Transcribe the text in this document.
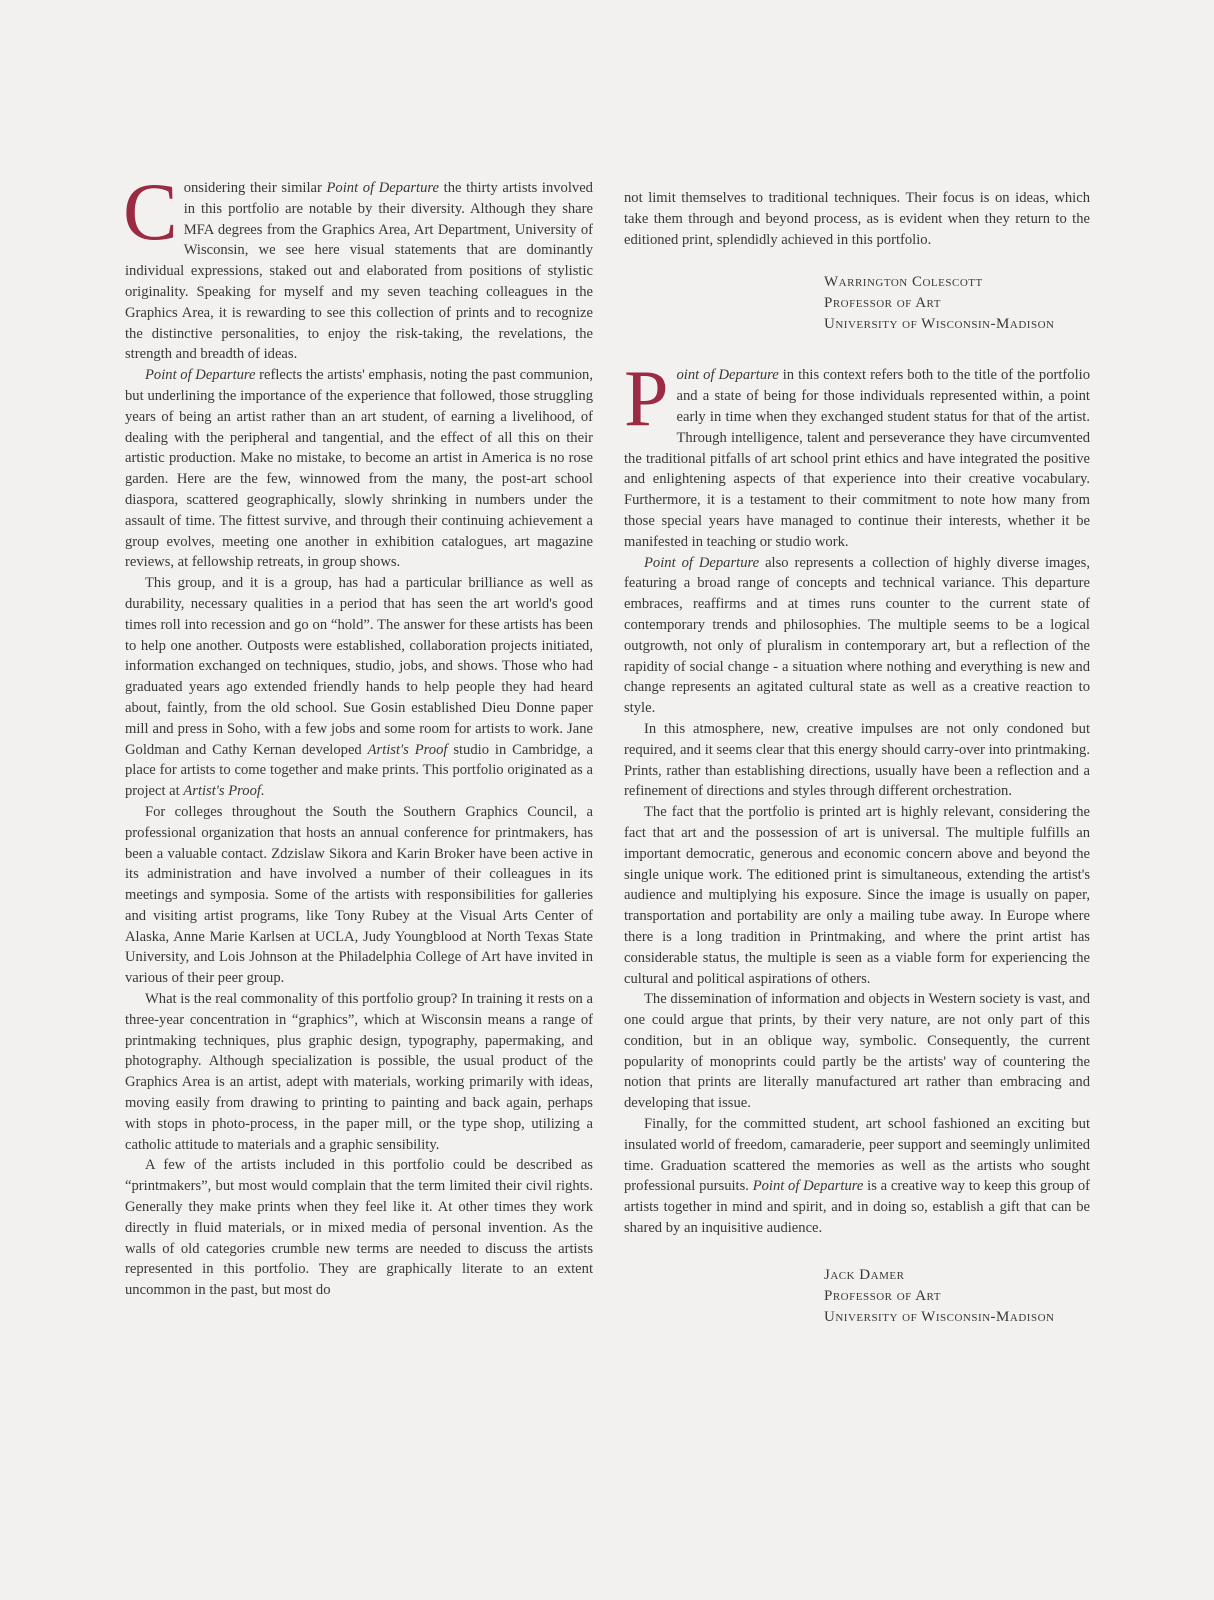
Considering their similar Point of Departure the thirty artists involved in this portfolio are notable by their diversity. Although they share MFA degrees from the Graphics Area, Art Department, University of Wisconsin, we see here visual statements that are dominantly individual expressions, staked out and elaborated from positions of stylistic originality. Speaking for myself and my seven teaching colleagues in the Graphics Area, it is rewarding to see this collection of prints and to recognize the distinctive personalities, to enjoy the risk-taking, the revelations, the strength and breadth of ideas.

Point of Departure reflects the artists' emphasis, noting the past communion, but underlining the importance of the experience that followed, those struggling years of being an artist rather than an art student, of earning a livelihood, of dealing with the peripheral and tangential, and the effect of all this on their artistic production. Make no mistake, to become an artist in America is no rose garden. Here are the few, winnowed from the many, the post-art school diaspora, scattered geographically, slowly shrinking in numbers under the assault of time. The fittest survive, and through their continuing achievement a group evolves, meeting one another in exhibition catalogues, art magazine reviews, at fellowship retreats, in group shows.

This group, and it is a group, has had a particular brilliance as well as durability, necessary qualities in a period that has seen the art world's good times roll into recession and go on “hold”. The answer for these artists has been to help one another. Outposts were established, collaboration projects initiated, information exchanged on techniques, studio, jobs, and shows. Those who had graduated years ago extended friendly hands to help people they had heard about, faintly, from the old school. Sue Gosin established Dieu Donne paper mill and press in Soho, with a few jobs and some room for artists to work. Jane Goldman and Cathy Kernan developed Artist's Proof studio in Cambridge, a place for artists to come together and make prints. This portfolio originated as a project at Artist's Proof.

For colleges throughout the South the Southern Graphics Council, a professional organization that hosts an annual conference for printmakers, has been a valuable contact. Zdzislaw Sikora and Karin Broker have been active in its administration and have involved a number of their colleagues in its meetings and symposia. Some of the artists with responsibilities for galleries and visiting artist programs, like Tony Rubey at the Visual Arts Center of Alaska, Anne Marie Karlsen at UCLA, Judy Youngblood at North Texas State University, and Lois Johnson at the Philadelphia College of Art have invited in various of their peer group.

What is the real commonality of this portfolio group? In training it rests on a three-year concentration in “graphics”, which at Wisconsin means a range of printmaking techniques, plus graphic design, typography, papermaking, and photography. Although specialization is possible, the usual product of the Graphics Area is an artist, adept with materials, working primarily with ideas, moving easily from drawing to printing to painting and back again, perhaps with stops in photo-process, in the paper mill, or the type shop, utilizing a catholic attitude to materials and a graphic sensibility.

A few of the artists included in this portfolio could be described as “printmakers”, but most would complain that the term limited their civil rights. Generally they make prints when they feel like it. At other times they work directly in fluid materials, or in mixed media of personal invention. As the walls of old categories crumble new terms are needed to discuss the artists represented in this portfolio. They are graphically literate to an extent uncommon in the past, but most do

not limit themselves to traditional techniques. Their focus is on ideas, which take them through and beyond process, as is evident when they return to the editioned print, splendidly achieved in this portfolio.

Warrington Colescott
Professor of Art
University of Wisconsin-Madison

Point of Departure in this context refers both to the title of the portfolio and a state of being for those individuals represented within, a point early in time when they exchanged student status for that of the artist. Through intelligence, talent and perseverance they have circumvented the traditional pitfalls of art school print ethics and have integrated the positive and enlightening aspects of that experience into their creative vocabulary. Furthermore, it is a testament to their commitment to note how many from those special years have managed to continue their interests, whether it be manifested in teaching or studio work.

Point of Departure also represents a collection of highly diverse images, featuring a broad range of concepts and technical variance. This departure embraces, reaffirms and at times runs counter to the current state of contemporary trends and philosophies. The multiple seems to be a logical outgrowth, not only of pluralism in contemporary art, but a reflection of the rapidity of social change - a situation where nothing and everything is new and change represents an agitated cultural state as well as a creative reaction to style.

In this atmosphere, new, creative impulses are not only condoned but required, and it seems clear that this energy should carry-over into printmaking. Prints, rather than establishing directions, usually have been a reflection and a refinement of directions and styles through different orchestration.

The fact that the portfolio is printed art is highly relevant, considering the fact that art and the possession of art is universal. The multiple fulfills an important democratic, generous and economic concern above and beyond the single unique work. The editioned print is simultaneous, extending the artist's audience and multiplying his exposure. Since the image is usually on paper, transportation and portability are only a mailing tube away. In Europe where there is a long tradition in Printmaking, and where the print artist has considerable status, the multiple is seen as a viable form for experiencing the cultural and political aspirations of others.

The dissemination of information and objects in Western society is vast, and one could argue that prints, by their very nature, are not only part of this condition, but in an oblique way, symbolic. Consequently, the current popularity of monoprints could partly be the artists' way of countering the notion that prints are literally manufactured art rather than embracing and developing that issue.

Finally, for the committed student, art school fashioned an exciting but insulated world of freedom, camaraderie, peer support and seemingly unlimited time. Graduation scattered the memories as well as the artists who sought professional pursuits. Point of Departure is a creative way to keep this group of artists together in mind and spirit, and in doing so, establish a gift that can be shared by an inquisitive audience.

Jack Damer
Professor of Art
University of Wisconsin-Madison
